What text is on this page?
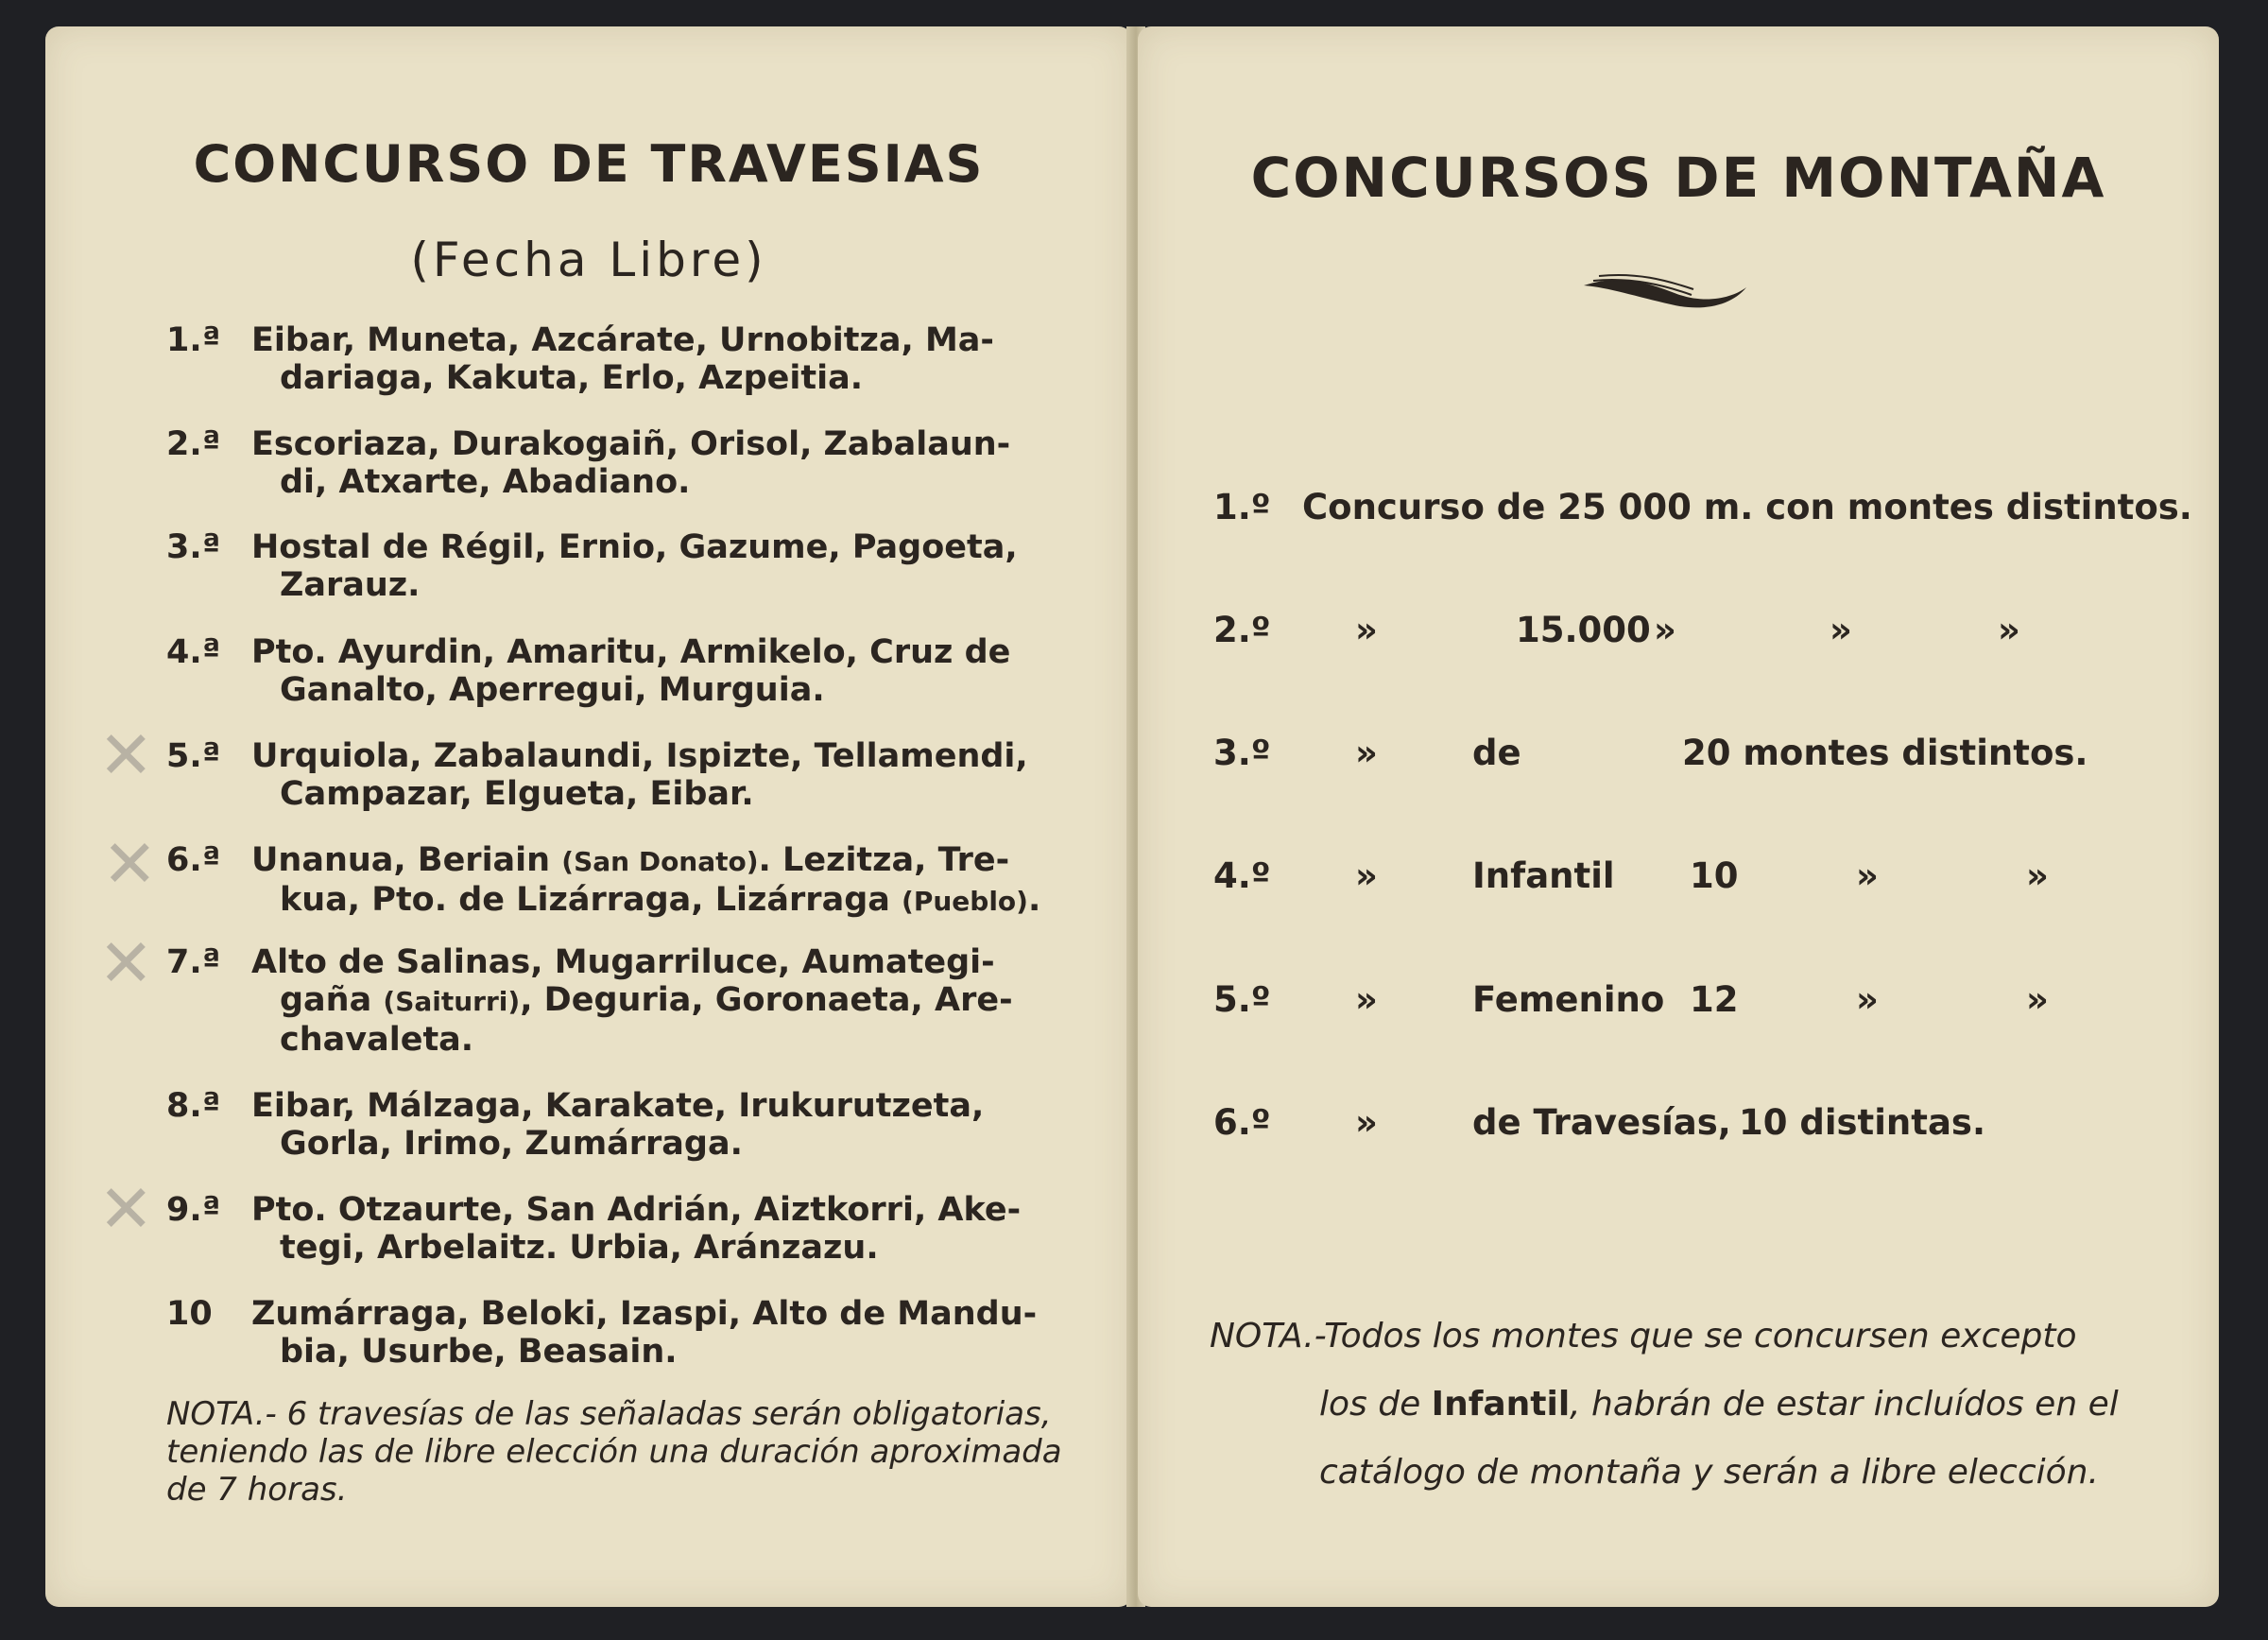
CONCURSO DE TRAVESIAS
(Fecha Libre)
1.ª Eibar, Muneta, Azcárate, Urnobitza, Ma-
dariaga, Kakuta, Erlo, Azpeitia.
2.ª Escoriaza, Durakogaiñ, Orisol, Zabalaun-
di, Atxarte, Abadiano.
3.ª Hostal de Régil, Ernio, Gazume, Pagoeta,
Zarauz.
4.ª Pto. Ayurdin, Amaritu, Armikelo, Cruz de
Ganalto, Aperregui, Murguia.
5.ª Urquiola, Zabalaundi, Ispizte, Tellamendi,
Campazar, Elgueta, Eibar.
6.ª Unanua, Beriain (San Donato). Lezitza, Tre-
kua, Pto. de Lizárraga, Lizárraga (Pueblo).
7.ª Alto de Salinas, Mugarriluce, Aumategi-
gaña (Saiturri), Deguria, Goronaeta, Are-
chavaleta.
8.ª Eibar, Málzaga, Karakate, Irukurutzeta,
Gorla, Irimo, Zumárraga.
9.ª Pto. Otzaurte, San Adrián, Aiztkorri, Ake-
tegi, Arbelaitz. Urbia, Aránzazu.
10	Zumárraga, Beloki, Izaspi, Alto de Mandu-
bia, Usurbe, Beasain.
NOTA.- 6 travesías de las señaladas serán obligatorias, teniendo las de libre elección una duración aproximada de 7 horas.
✕
✕
✕
✕
CONCURSOS DE MONTAÑA
1.º Concurso de 25 000 m. con montes distintos.
2.º »	15.000 »	»	»
3.º »	de	20 montes distintos.
4.º »	Infantil 10	»	»
5.º »	Femenino 12	»	»
6.º »	de Travesías, 10 distintas.
NOTA.-Todos los montes que se concursen excepto
los de Infantil, habrán de estar incluídos en el
catálogo de montaña y serán a libre elección.
